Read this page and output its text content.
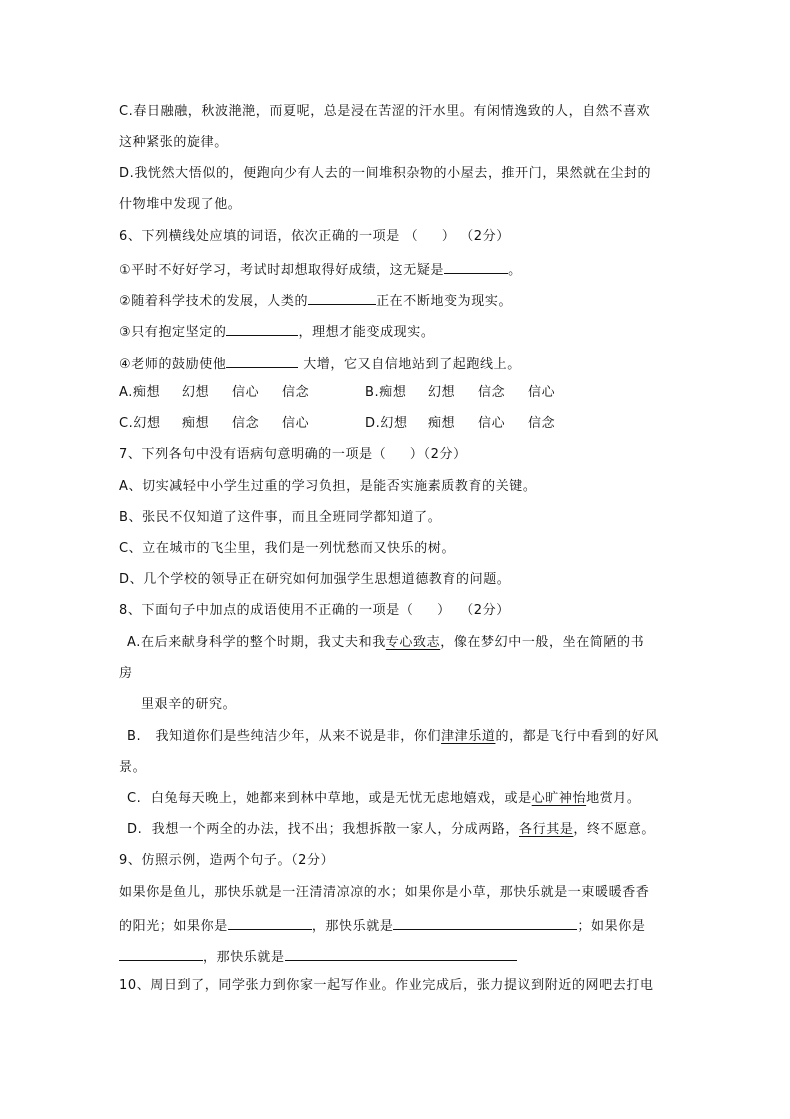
C.春日融融，秋波滟滟，而夏呢，总是浸在苦涩的汗水里。有闲情逸致的人，自然不喜欢
这种紧张的旋律。
D.我恍然大悟似的，便跑向少有人去的一间堆积杂物的小屋去，推开门，果然就在尘封的
什物堆中发现了他。
6、下列横线处应填的词语，依次正确的一项是 （     ） （2分）
①平时不好好学习，考试时却想取得好成绩，这无疑是	。
②随着科学技术的发展，人类的	正在不断地变为现实。
③只有抱定坚定的	，理想才能变成现实。
④老师的鼓励使他	大增，它又自信地站到了起跑线上。
A.痴想 幻想 信心 信念	B.痴想 幻想 信念 信心
C.幻想 痴想 信念 信心	D.幻想 痴想 信心 信念
7、下列各句中没有语病句意明确的一项是（     ）（2分）
A、切实减轻中小学生过重的学习负担，是能否实施素质教育的关键。
B、张民不仅知道了这件事，而且全班同学都知道了。
C、立在城市的飞尘里，我们是一列忧愁而又快乐的树。
D、几个学校的领导正在研究如何加强学生思想道德教育的问题。
8、下面句子中加点的成语使用不正确的一项是（     ）  （2分）
A.在后来献身科学的整个时期，我丈夫和我专心致志，像在梦幻中一般，坐在简陋的书
房
里艰辛的研究。
B.   我知道你们是些纯洁少年，从来不说是非，你们津津乐道的，都是飞行中看到的好风
景。
C.  白兔每天晚上，她都来到林中草地，或是无忧无虑地嬉戏，或是心旷神怡地赏月。
D.  我想一个两全的办法，找不出；我想拆散一家人，分成两路，各行其是，终不愿意。
9、仿照示例，造两个句子。（2分）
如果你是鱼儿，那快乐就是一汪清清凉凉的水；如果你是小草，那快乐就是一束暖暖香香
的阳光；如果你是	，那快乐就是	；如果你是
，那快乐就是
10、周日到了，同学张力到你家一起写作业。作业完成后，张力提议到附近的网吧去打电
